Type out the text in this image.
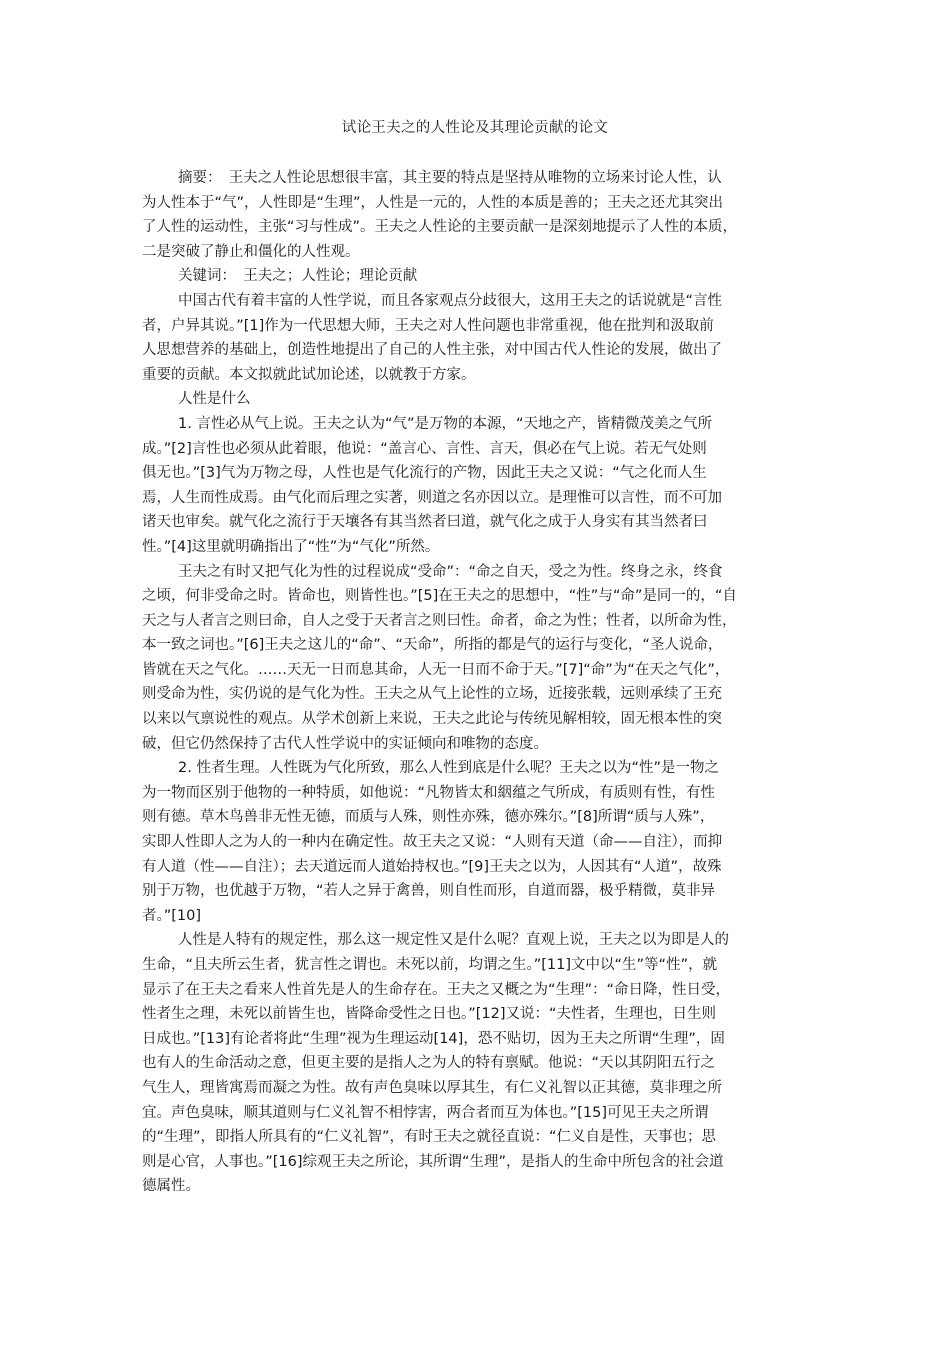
试论王夫之的人性论及其理论贡献的论文
摘要：　王夫之人性论思想很丰富，其主要的特点是坚持从唯物的立场来讨论人性，认
为人性本于“气”，人性即是“生理”，人性是一元的，人性的本质是善的；王夫之还尤其突出
了人性的运动性，主张“习与性成”。王夫之人性论的主要贡献一是深刻地提示了人性的本质，
二是突破了静止和僵化的人性观。
关键词：　王夫之；人性论；理论贡献
中国古代有着丰富的人性学说，而且各家观点分歧很大，这用王夫之的话说就是“言性
者，户异其说。”[1]作为一代思想大师，王夫之对人性问题也非常重视，他在批判和汲取前
人思想营养的基础上，创造性地提出了自己的人性主张，对中国古代人性论的发展，做出了
重要的贡献。本文拟就此试加论述，以就教于方家。
人性是什么
1. 言性必从气上说。王夫之认为“气”是万物的本源，“天地之产，皆精微茂美之气所
成。”[2]言性也必须从此着眼，他说：“盖言心、言性、言天，俱必在气上说。若无气处则
俱无也。”[3]气为万物之母，人性也是气化流行的产物，因此王夫之又说：“气之化而人生
焉，人生而性成焉。由气化而后理之实著，则道之名亦因以立。是理惟可以言性，而不可加
诸天也审矣。就气化之流行于天壤各有其当然者曰道，就气化之成于人身实有其当然者曰
性。”[4]这里就明确指出了“性”为“气化”所然。
王夫之有时又把气化为性的过程说成“受命”：“命之自天，受之为性。终身之永，终食
之顷，何非受命之时。皆命也，则皆性也。”[5]在王夫之的思想中，“性”与“命”是同一的，“自
天之与人者言之则曰命，自人之受于天者言之则曰性。命者，命之为性；性者，以所命为性，
本一致之词也。”[6]王夫之这儿的“命”、“天命”，所指的都是气的运行与变化，“圣人说命，
皆就在天之气化。……天无一日而息其命，人无一日而不命于天。”[7]“命”为“在天之气化”，
则受命为性，实仍说的是气化为性。王夫之从气上论性的立场，近接张载，远则承续了王充
以来以气禀说性的观点。从学术创新上来说，王夫之此论与传统见解相较，固无根本性的突
破，但它仍然保持了古代人性学说中的实证倾向和唯物的态度。
2. 性者生理。人性既为气化所致，那么人性到底是什么呢？王夫之以为“性”是一物之
为一物而区别于他物的一种特质，如他说：“凡物皆太和絪蕴之气所成，有质则有性，有性
则有德。草木鸟兽非无性无德，而质与人殊，则性亦殊，德亦殊尔。”[8]所谓“质与人殊”，
实即人性即人之为人的一种内在确定性。故王夫之又说：“人则有天道（命——自注），而抑
有人道（性——自注）；去天道远而人道始持权也。”[9]王夫之以为，人因其有“人道”，故殊
别于万物，也优越于万物，“若人之异于禽兽，则自性而形，自道而器，极乎精微，莫非异
者。”[10]
人性是人特有的规定性，那么这一规定性又是什么呢？直观上说，王夫之以为即是人的
生命，“且夫所云生者，犹言性之谓也。未死以前，均谓之生。”[11]文中以“生”等“性”，就
显示了在王夫之看来人性首先是人的生命存在。王夫之又概之为“生理”：“命日降，性日受，
性者生之理，未死以前皆生也，皆降命受性之日也。”[12]又说：“夫性者，生理也，日生则
日成也。”[13]有论者将此“生理”视为生理运动[14]，恐不贴切，因为王夫之所谓“生理”，固
也有人的生命活动之意，但更主要的是指人之为人的特有禀赋。他说：“天以其阴阳五行之
气生人，理皆寓焉而凝之为性。故有声色臭味以厚其生，有仁义礼智以正其德，莫非理之所
宜。声色臭味，顺其道则与仁义礼智不相悖害，两合者而互为体也。”[15]可见王夫之所谓
的“生理”，即指人所具有的“仁义礼智”，有时王夫之就径直说：“仁义自是性，天事也；思
则是心官，人事也。”[16]综观王夫之所论，其所谓“生理”，是指人的生命中所包含的社会道
德属性。
